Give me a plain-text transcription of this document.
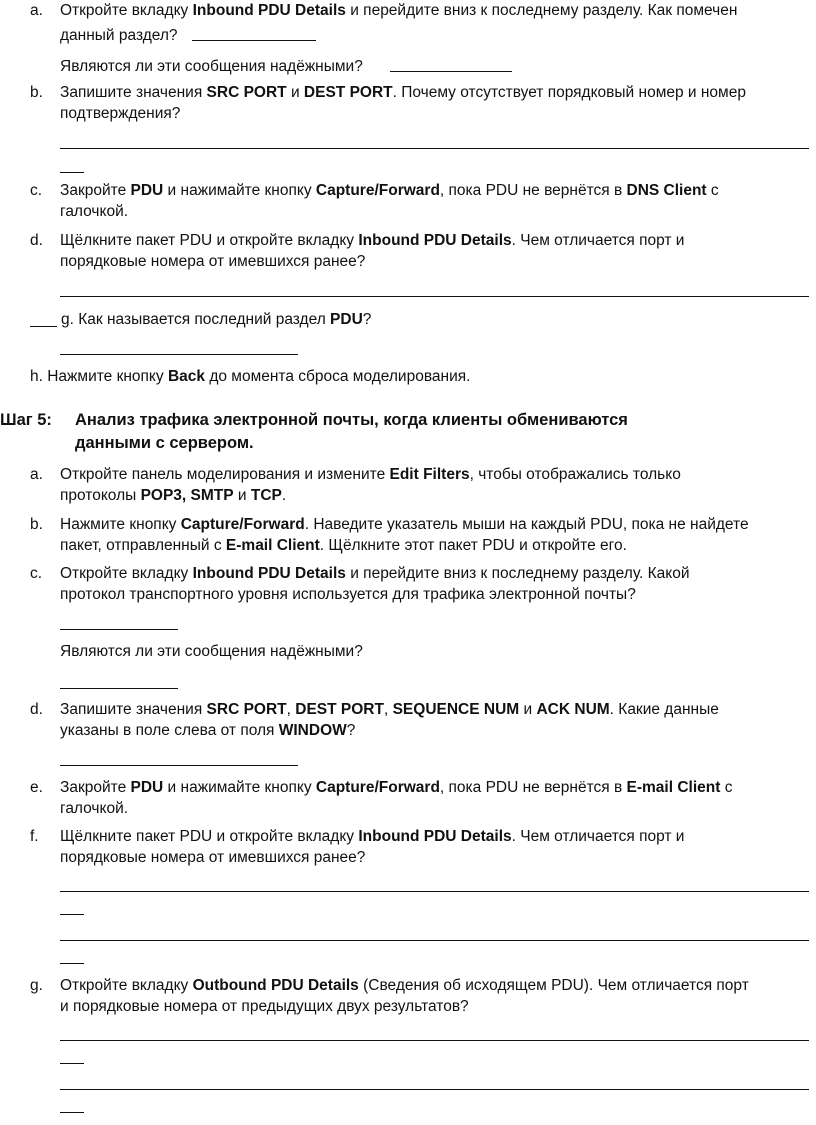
a.	Откройте вкладку Inbound PDU Details и перейдите вниз к последнему разделу. Как помечен
данный раздел?
Являются ли эти сообщения надёжными?
b.	Запишите значения SRC PORT и DEST PORT. Почему отсутствует порядковый номер и номер
подтверждения?
c.	Закройте PDU и нажимайте кнопку Capture/Forward, пока PDU не вернётся в DNS Client с
галочкой.
d.	Щёлкните пакет PDU и откройте вкладку Inbound PDU Details. Чем отличается порт и
порядковые номера от имевшихся ранее?
g. Как называется последний раздел PDU?
h. Нажмите кнопку Back до момента сброса моделирования.
Шаг 5: Анализ трафика электронной почты, когда клиенты обмениваются
данными с сервером.
a.	Откройте панель моделирования и измените Edit Filters, чтобы отображались только
протоколы POP3, SMTP и TCP.
b.	Нажмите кнопку Capture/Forward. Наведите указатель мыши на каждый PDU, пока не найдете
пакет, отправленный с E-mail Client. Щёлкните этот пакет PDU и откройте его.
c.	Откройте вкладку Inbound PDU Details и перейдите вниз к последнему разделу. Какой
протокол транспортного уровня используется для трафика электронной почты?
Являются ли эти сообщения надёжными?
d.	Запишите значения SRC PORT, DEST PORT, SEQUENCE NUM и ACK NUM. Какие данные
указаны в поле слева от поля WINDOW?
e.	Закройте PDU и нажимайте кнопку Capture/Forward, пока PDU не вернётся в E-mail Client с
галочкой.
f.	Щёлкните пакет PDU и откройте вкладку Inbound PDU Details. Чем отличается порт и
порядковые номера от имевшихся ранее?
g.	Откройте вкладку Outbound PDU Details (Сведения об исходящем PDU). Чем отличается порт
и порядковые номера от предыдущих двух результатов?
